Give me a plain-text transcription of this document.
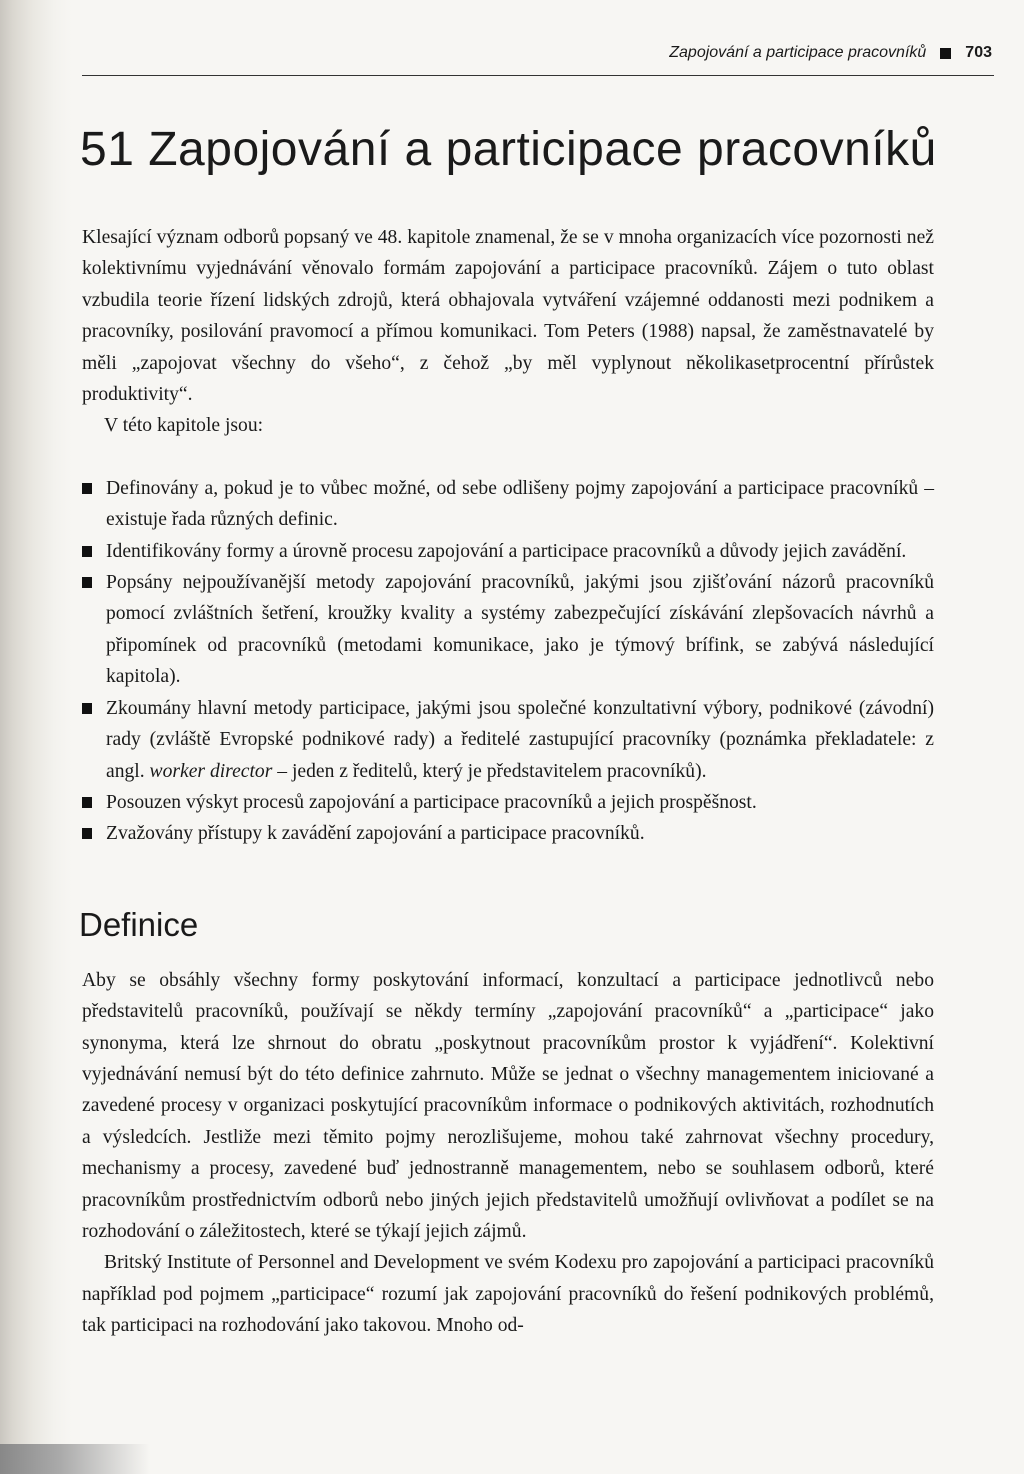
Zapojování a participace pracovníků 703
51 Zapojování a participace pracovníků

Klesající význam odborů popsaný ve 48. kapitole znamenal, že se v mnoha organizacích více pozornosti než kolektivnímu vyjednávání věnovalo formám zapojování a participace pracovníků. Zájem o tuto oblast vzbudila teorie řízení lidských zdrojů, která obhajovala vytváření vzájemné oddanosti mezi podnikem a pracovníky, posilování pravomocí a přímou komunikaci. Tom Peters (1988) napsal, že zaměstnavatelé by měli „zapojovat všechny do všeho“, z čehož „by měl vyplynout několikasetprocentní přírůstek produktivity“.

V této kapitole jsou:

Definovány a, pokud je to vůbec možné, od sebe odlišeny pojmy zapojování a participace pracovníků – existuje řada různých definic.
Identifikovány formy a úrovně procesu zapojování a participace pracovníků a důvody jejich zavádění.
Popsány nejpoužívanější metody zapojování pracovníků, jakými jsou zjišťování názorů pracovníků pomocí zvláštních šetření, kroužky kvality a systémy zabezpečující získávání zlepšovacích návrhů a připomínek od pracovníků (metodami komunikace, jako je týmový brífink, se zabývá následující kapitola).
Zkoumány hlavní metody participace, jakými jsou společné konzultativní výbory, podnikové (závodní) rady (zvláště Evropské podnikové rady) a ředitelé zastupující pracovníky (poznámka překladatele: z angl. worker director – jeden z ředitelů, který je představitelem pracovníků).
Posouzen výskyt procesů zapojování a participace pracovníků a jejich prospěšnost.
Zvažovány přístupy k zavádění zapojování a participace pracovníků.
Definice

Aby se obsáhly všechny formy poskytování informací, konzultací a participace jednotlivců nebo představitelů pracovníků, používají se někdy termíny „zapojování pracovníků“ a „participace“ jako synonyma, která lze shrnout do obratu „poskytnout pracovníkům prostor k vyjádření“. Kolektivní vyjednávání nemusí být do této definice zahrnuto. Může se jednat o všechny managementem iniciované a zavedené procesy v organizaci poskytující pracovníkům informace o podnikových aktivitách, rozhodnutích a výsledcích. Jestliže mezi těmito pojmy nerozlišujeme, mohou také zahrnovat všechny procedury, mechanismy a procesy, zavedené buď jednostranně managementem, nebo se souhlasem odborů, které pracovníkům prostřednictvím odborů nebo jiných jejich představitelů umožňují ovlivňovat a podílet se na rozhodování o záležitostech, které se týkají jejich zájmů.

Britský Institute of Personnel and Development ve svém Kodexu pro zapojování a participaci pracovníků například pod pojmem „participace“ rozumí jak zapojování pracovníků do řešení podnikových problémů, tak participaci na rozhodování jako takovou. Mnoho od-
